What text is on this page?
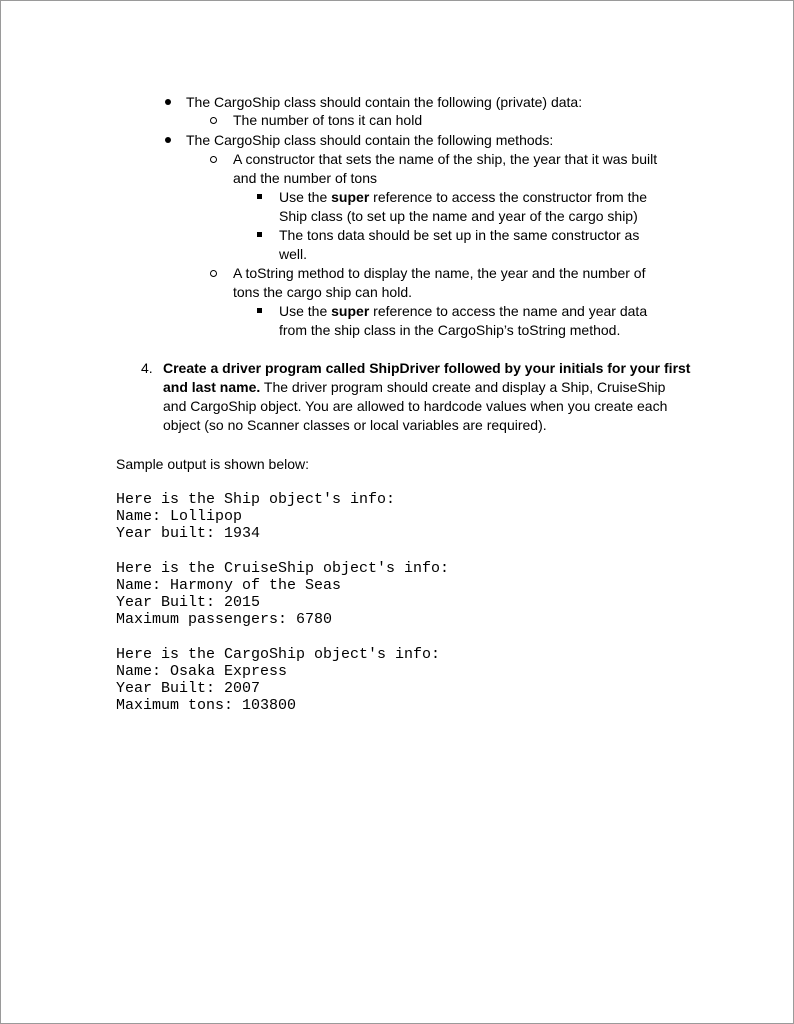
The CargoShip class should contain the following (private) data:
The number of tons it can hold
The CargoShip class should contain the following methods:
A constructor that sets the name of the ship, the year that it was built
and the number of tons
Use the super reference to access the constructor from the
Ship class (to set up the name and year of the cargo ship)
The tons data should be set up in the same constructor as
well.
A toString method to display the name, the year and the number of
tons the cargo ship can hold.
Use the super reference to access the name and year data
from the ship class in the CargoShip’s toString method.
4. Create a driver program called ShipDriver followed by your initials for your first
and last name. The driver program should create and display a Ship, CruiseShip
and CargoShip object. You are allowed to hardcode values when you create each
object (so no Scanner classes or local variables are required).
Sample output is shown below:
Here is the Ship object's info:
Name: Lollipop
Year built: 1934
Here is the CruiseShip object's info:
Name: Harmony of the Seas
Year Built: 2015
Maximum passengers: 6780
Here is the CargoShip object's info:
Name: Osaka Express
Year Built: 2007
Maximum tons: 103800
